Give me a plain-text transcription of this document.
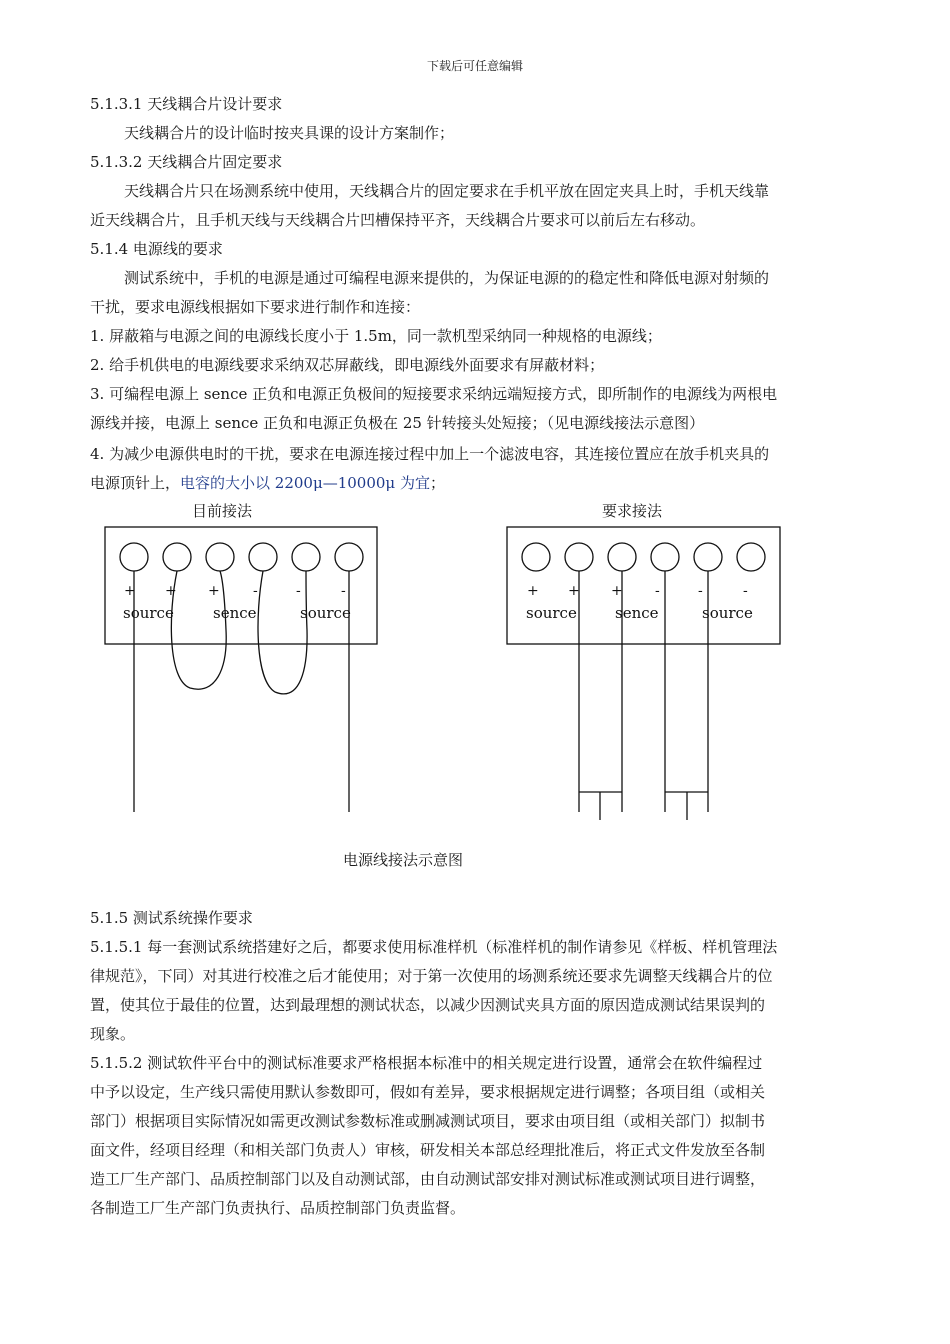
下载后可任意编辑
5.1.3.1 天线耦合片设计要求
天线耦合片的设计临时按夹具课的设计方案制作；
5.1.3.2 天线耦合片固定要求
天线耦合片只在场测系统中使用，天线耦合片的固定要求在手机平放在固定夹具上时，手机天线靠
近天线耦合片，且手机天线与天线耦合片凹槽保持平齐，天线耦合片要求可以前后左右移动。
5.1.4 电源线的要求
测试系统中，手机的电源是通过可编程电源来提供的，为保证电源的的稳定性和降低电源对射频的
干扰，要求电源线根据如下要求进行制作和连接：
1. 屏蔽箱与电源之间的电源线长度小于 1.5m，同一款机型采纳同一种规格的电源线；
2. 给手机供电的电源线要求采纳双芯屏蔽线，即电源线外面要求有屏蔽材料；
3. 可编程电源上 sence 正负和电源正负极间的短接要求采纳远端短接方式，即所制作的电源线为两根电
源线并接，电源上 sence 正负和电源正负极在 25 针转接头处短接；（见电源线接法示意图）
4. 为减少电源供电时的干扰，要求在电源连接过程中加上一个滤波电容，其连接位置应在放手机夹具的
电源顶针上，电容的大小以 2200μ—10000μ 为宜；
目前接法	要求接法
+ + + -	-	-
source	sence	source
+ + + -	-	-
source	sence	source
电源线接法示意图
5.1.5 测试系统操作要求
5.1.5.1 每一套测试系统搭建好之后，都要求使用标准样机（标准样机的制作请参见《样板、样机管理法
律规范》，下同）对其进行校准之后才能使用；对于第一次使用的场测系统还要求先调整天线耦合片的位
置，使其位于最佳的位置，达到最理想的测试状态，以减少因测试夹具方面的原因造成测试结果误判的
现象。
5.1.5.2 测试软件平台中的测试标准要求严格根据本标准中的相关规定进行设置，通常会在软件编程过
中予以设定，生产线只需使用默认参数即可，假如有差异，要求根据规定进行调整；各项目组（或相关
部门）根据项目实际情况如需更改测试参数标准或删减测试项目，要求由项目组（或相关部门）拟制书
面文件，经项目经理（和相关部门负责人）审核，研发相关本部总经理批准后，将正式文件发放至各制
造工厂生产部门、品质控制部门以及自动测试部，由自动测试部安排对测试标准或测试项目进行调整，
各制造工厂生产部门负责执行、品质控制部门负责监督。
